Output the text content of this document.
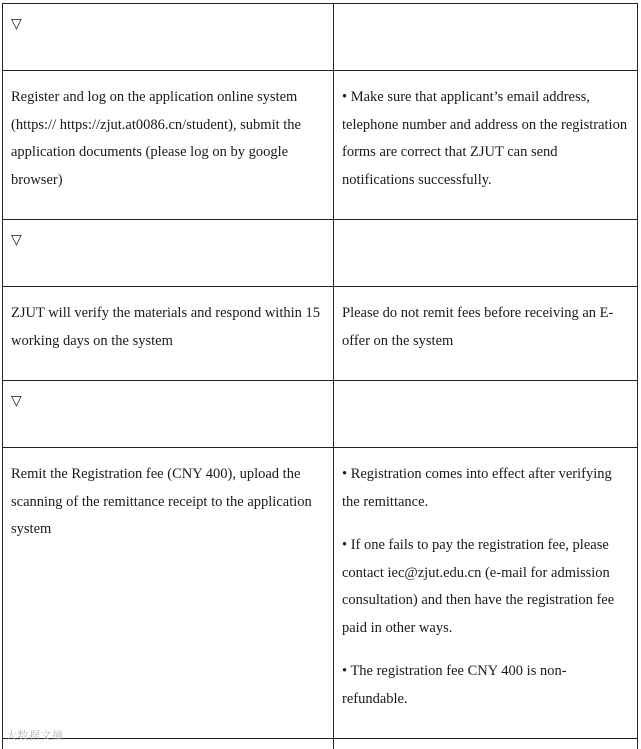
▽	

Register and log on the application online system (https:// https://zjut.at0086.cn/student), submit the application documents (please log on by google browser)	• Make sure that applicant’s email address, telephone number and address on the registration forms are correct that ZJUT can send notifications successfully.

▽	

ZJUT will verify the materials and respond within 15 working days on the system	Please do not remit fees before receiving an E-offer on the system

▽	

Remit the Registration fee (CNY 400), upload the scanning of the remittance receipt to the application system	• Registration comes into effect after verifying the remittance.

• If one fails to pay the registration fee, please contact iec@zjut.edu.cn (e-mail for admission consultation) and then have the registration fee paid in other ways.

• The registration fee CNY 400 is non-refundable.

大数据文摘
